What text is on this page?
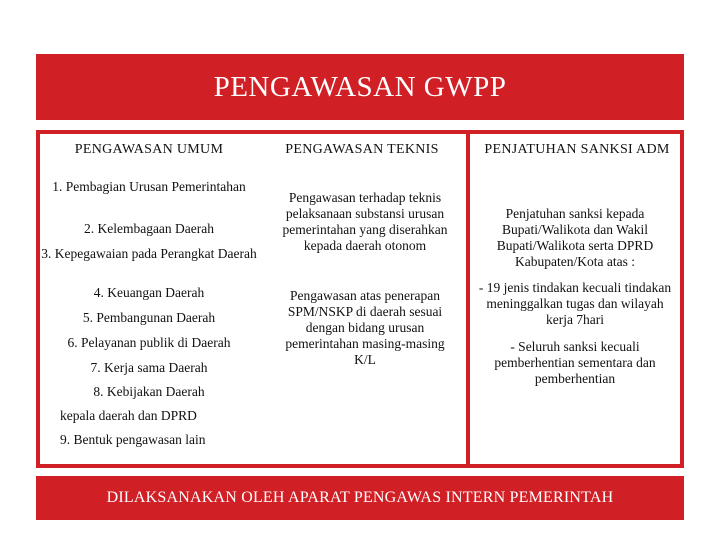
PENGAWASAN GWPP
PENGAWASAN UMUM
1. Pembagian Urusan Pemerintahan
2. Kelembagaan Daerah
3. Kepegawaian pada Perangkat Daerah
4. Keuangan Daerah
5. Pembangunan Daerah
6. Pelayanan publik di Daerah
7. Kerja sama Daerah
8. Kebijakan Daerah
kepala daerah dan DPRD
9. Bentuk pengawasan lain
PENGAWASAN TEKNIS
Pengawasan terhadap teknis pelaksanaan substansi urusan pemerintahan yang diserahkan kepada daerah otonom
Pengawasan atas penerapan SPM/NSKP di daerah sesuai dengan bidang urusan pemerintahan masing-masing K/L
PENJATUHAN SANKSI ADM
Penjatuhan sanksi kepada Bupati/Walikota dan Wakil Bupati/Walikota serta DPRD Kabupaten/Kota atas :
- 19 jenis tindakan kecuali tindakan meninggalkan tugas dan wilayah kerja 7hari
- Seluruh sanksi kecuali pemberhentian sementara dan pemberhentian
DILAKSANAKAN OLEH APARAT PENGAWAS INTERN PEMERINTAH
